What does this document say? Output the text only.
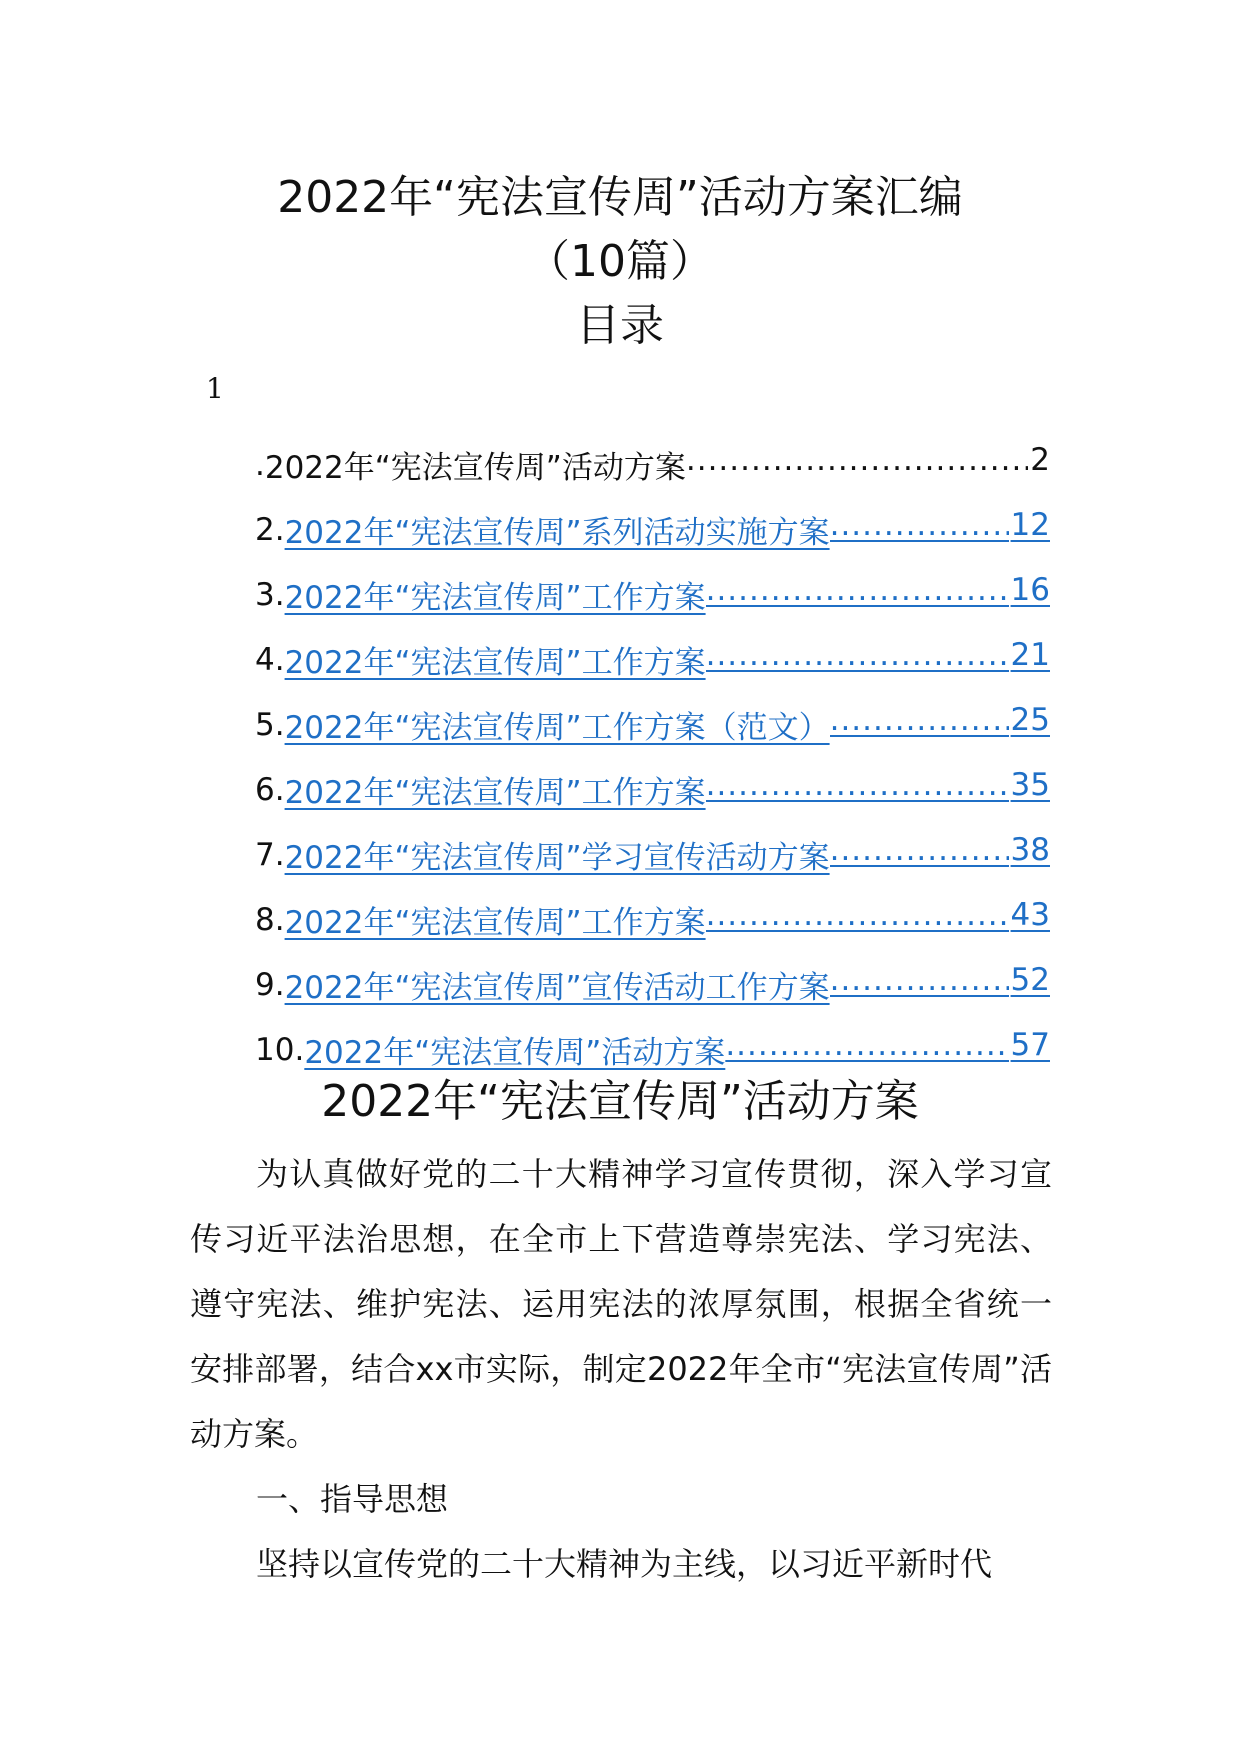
2022年“宪法宣传周”活动方案汇编
（10篇）
目录
1
. 2022年“宪法宣传周”活动方案 .....	2
2. 2022年“宪法宣传周”系列活动实施方案 .....	12
3. 2022年“宪法宣传周”工作方案 .....	16
4. 2022年“宪法宣传周”工作方案 .....	21
5. 2022年“宪法宣传周”工作方案（范文） .....	25
6. 2022年“宪法宣传周”工作方案 .....	35
7. 2022年“宪法宣传周”学习宣传活动方案 .....	38
8. 2022年“宪法宣传周”工作方案 .....	43
9. 2022年“宪法宣传周”宣传活动工作方案 .....	52
10. 2022年“宪法宣传周”活动方案 .....	57
2022年“宪法宣传周”活动方案

为认真做好党的二十大精神学习宣传贯彻，深入学习宣传习近平法治思想，在全市上下营造尊崇宪法、学习宪法、遵守宪法、维护宪法、运用宪法的浓厚氛围，根据全省统一安排部署，结合xx市实际，制定2022年全市“宪法宣传周”活动方案。

一、指导思想

坚持以宣传党的二十大精神为主线，以习近平新时代
